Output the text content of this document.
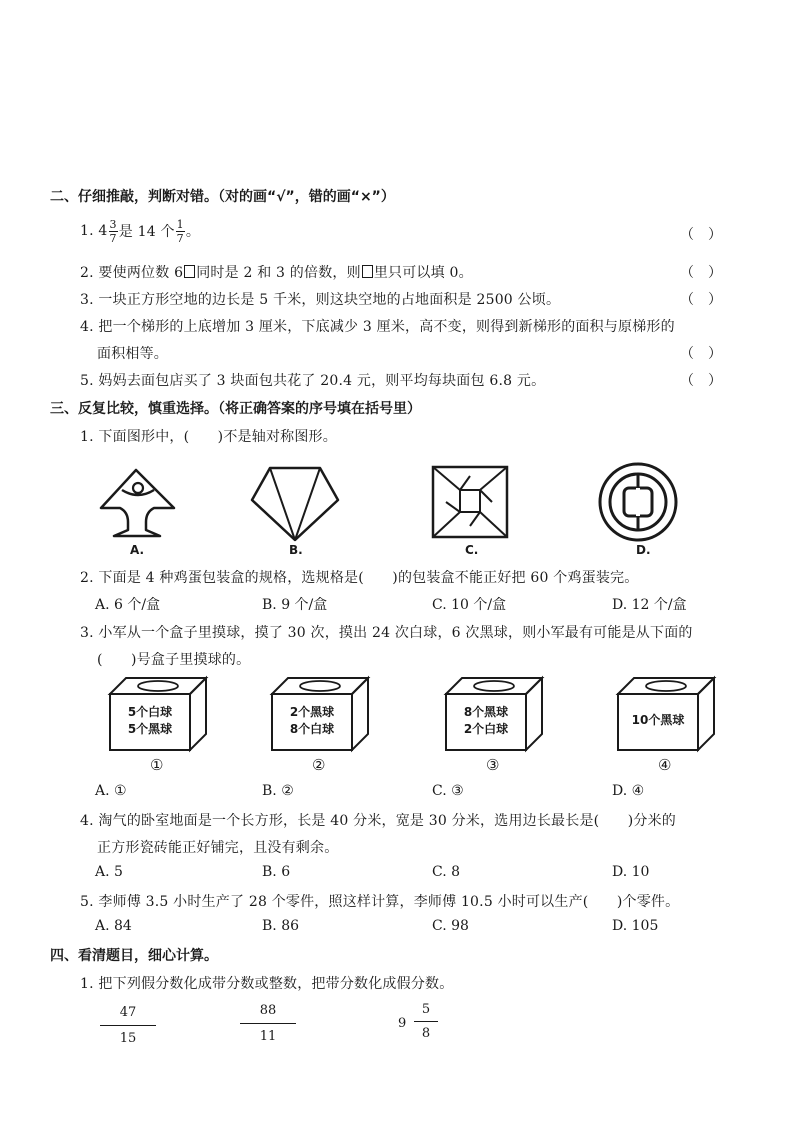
二、仔细推敲，判断对错。（对的画“√”，错的画“×”）
1.
$4 \frac{3}{7}$ 是 14 个 $\frac{1}{7}$ 。	（　）
2. 要使两位数 6 同时是 2 和 3 的倍数，则 里只可以填 0。	（　）
3. 一块正方形空地的边长是 5 千米，则这块空地的占地面积是 2500 公顷。	（　）
4. 把一个梯形的上底增加 3 厘米，下底减少 3 厘米，高不变，则得到新梯形的面积与原梯形的
面积相等。	（　）
5. 妈妈去面包店买了 3 块面包共花了 20.4 元，则平均每块面包 6.8 元。	（　）
三、反复比较，慎重选择。（将正确答案的序号填在括号里）
1. 下面图形中，(　　)不是轴对称图形。
A.	B.	C.	D.
2. 下面是 4 种鸡蛋包装盒的规格，选规格是(　　)的包装盒不能正好把 60 个鸡蛋装完。
A. 6 个/盒	B. 9 个/盒	C. 10 个/盒	D. 12 个/盒
3. 小军从一个盒子里摸球，摸了 30 次，摸出 24 次白球，6 次黑球，则小军最有可能是从下面的
(　　)号盒子里摸球的。
5个白球
5个黑球
2个黑球
8个白球
8个黑球
2个白球
10个黑球
①	②	③	④
A. ①	B. ②	C. ③	D. ④
4. 淘气的卧室地面是一个长方形，长是 40 分米，宽是 30 分米，选用边长最长是(　　)分米的
正方形瓷砖能正好铺完，且没有剩余。
A. 5	B. 6	C. 8	D. 10
5. 李师傅 3.5 小时生产了 28 个零件，照这样计算，李师傅 10.5 小时可以生产(　　)个零件。
A. 84	B. 86	C. 98	D. 105
四、看清题目，细心计算。
1. 把下列假分数化成带分数或整数，把带分数化成假分数。
47
15
88
11
9
5
8
